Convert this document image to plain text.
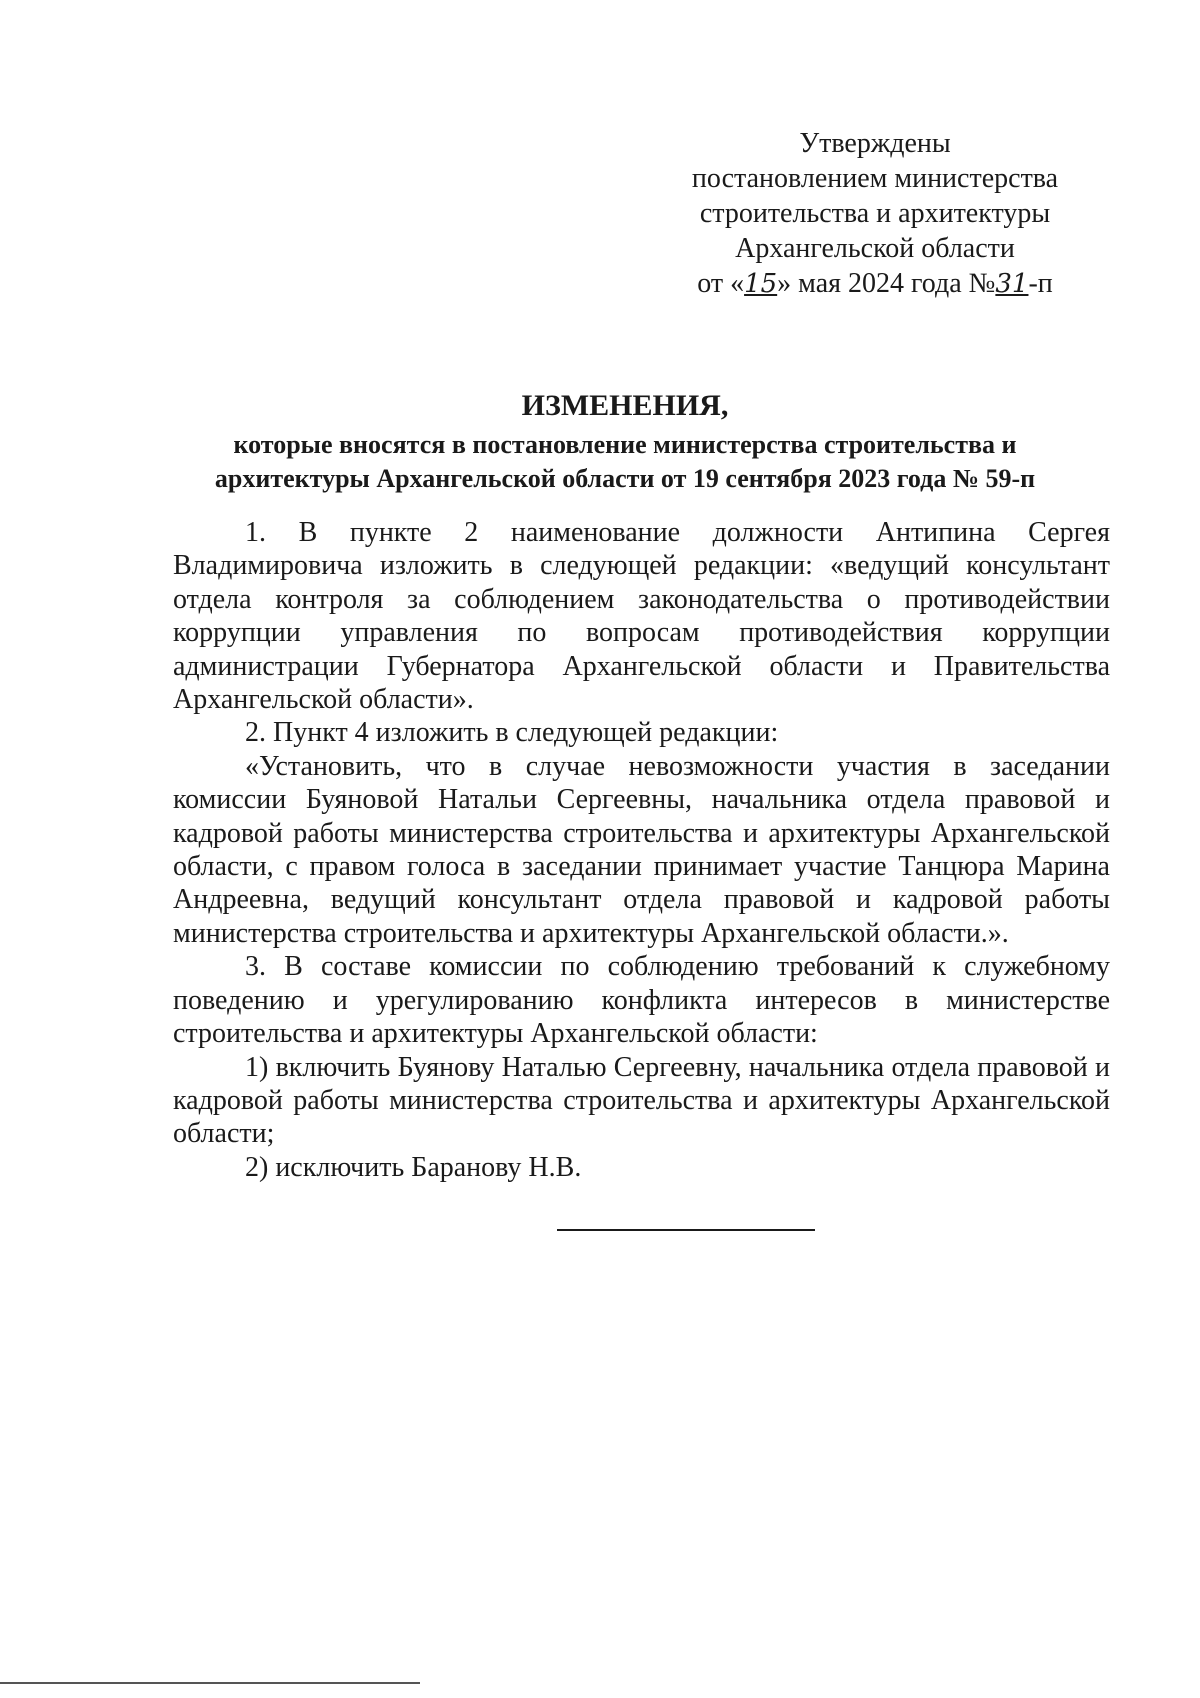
Утверждены
постановлением министерства
строительства и архитектуры
Архангельской области
от «15» мая 2024 года №31-п
ИЗМЕНЕНИЯ,
которые вносятся в постановление министерства строительства и
архитектуры Архангельской области от 19 сентября 2023 года № 59-п

1. В пункте 2 наименование должности Антипина Сергея Владимировича изложить в следующей редакции: «ведущий консультант отдела контроля за соблюдением законодательства о противодействии коррупции управления по вопросам противодействия коррупции администрации Губернатора Архангельской области и Правительства Архангельской области».

2. Пункт 4 изложить в следующей редакции:

«Установить, что в случае невозможности участия в заседании комиссии Буяновой Натальи Сергеевны, начальника отдела правовой и кадровой работы министерства строительства и архитектуры Архангельской области, с правом голоса в заседании принимает участие Танцюра Марина Андреевна, ведущий консультант отдела правовой и кадровой работы министерства строительства и архитектуры Архангельской области.».

3. В составе комиссии по соблюдению требований к служебному поведению и урегулированию конфликта интересов в министерстве строительства и архитектуры Архангельской области:

1) включить Буянову Наталью Сергеевну, начальника отдела правовой и кадровой работы министерства строительства и архитектуры Архангельской области;

2) исключить Баранову Н.В.
